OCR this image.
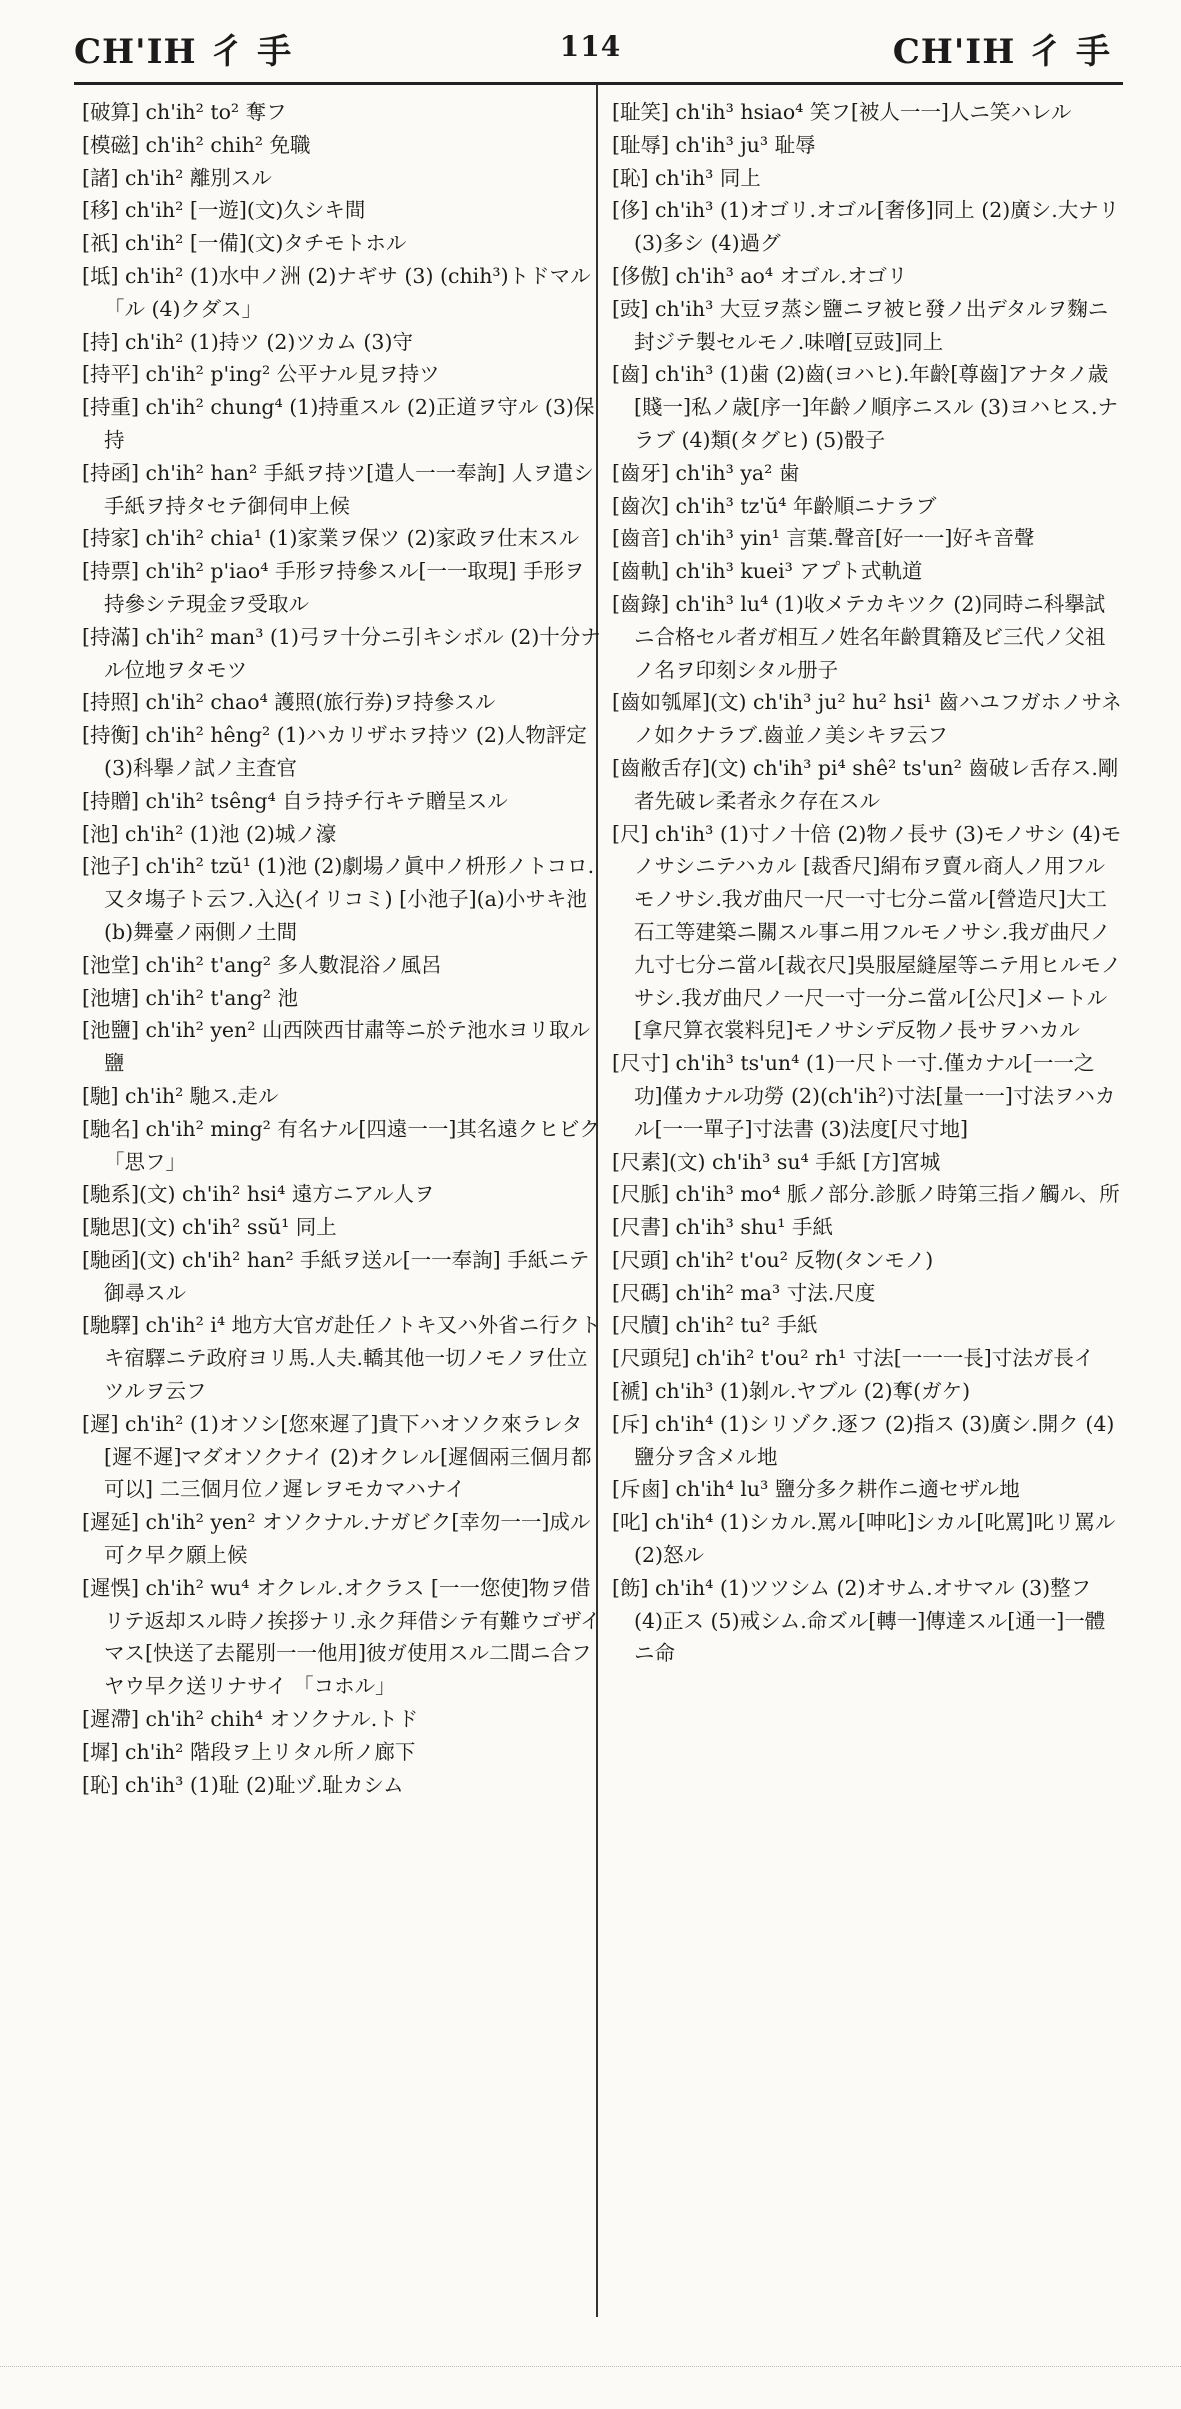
CH'IH 彳 手	114	CH'IH 彳 手

[破算] ch'ih² to² 奪フ

[模磁] ch'ih² chih² 免職

[諸] ch'ih² 離別スル

[移] ch'ih² [一遊](文)久シキ間

[祇] ch'ih² [一備](文)タチモトホル

[坻] ch'ih² (1)水中ノ洲 (2)ナギサ (3) (chih³)トドマル 「ル (4)クダス」

[持] ch'ih² (1)持ツ (2)ツカム (3)守

[持平] ch'ih² p'ing² 公平ナル見ヲ持ツ

[持重] ch'ih² chung⁴ (1)持重スル (2)正道ヲ守ル (3)保持

[持函] ch'ih² han² 手紙ヲ持ツ[遣人一一奉詢] 人ヲ遣シ手紙ヲ持タセテ御伺申上候

[持家] ch'ih² chia¹ (1)家業ヲ保ツ (2)家政ヲ仕末スル

[持票] ch'ih² p'iao⁴ 手形ヲ持參スル[一一取現] 手形ヲ持參シテ現金ヲ受取ル

[持滿] ch'ih² man³ (1)弓ヲ十分ニ引キシボル (2)十分ナル位地ヲタモツ

[持照] ch'ih² chao⁴ 護照(旅行券)ヲ持參スル

[持衡] ch'ih² hêng² (1)ハカリザホヲ持ツ (2)人物評定 (3)科擧ノ試ノ主査官

[持贈] ch'ih² tsêng⁴ 自ラ持チ行キテ贈呈スル

[池] ch'ih² (1)池 (2)城ノ濠

[池子] ch'ih² tzŭ¹ (1)池 (2)劇場ノ眞中ノ枡形ノトコロ.又タ塲子ト云フ.入込(イリコミ) [小池子](a)小サキ池 (b)舞臺ノ兩側ノ土間

[池堂] ch'ih² t'ang² 多人數混浴ノ風呂

[池塘] ch'ih² t'ang² 池

[池鹽] ch'ih² yen² 山西陝西甘肅等ニ於テ池水ヨリ取ル鹽

[馳] ch'ih² 馳ス.走ル

[馳名] ch'ih² ming² 有名ナル[四遠一一]其名遠クヒビク 「思フ」

[馳系](文) ch'ih² hsi⁴ 遠方ニアル人ヲ

[馳思](文) ch'ih² ssŭ¹ 同上

[馳函](文) ch'ih² han² 手紙ヲ送ル[一一奉詢] 手紙ニテ御尋スル

[馳驛] ch'ih² i⁴ 地方大官ガ赴任ノトキ又ハ外省ニ行クトキ宿驛ニテ政府ヨリ馬.人夫.轎其他一切ノモノヲ仕立ツルヲ云フ

[遲] ch'ih² (1)オソシ[您來遲了]貴下ハオソク來ラレタ[遲不遲]マダオソクナイ (2)オクレル[遲個兩三個月都可以] 二三個月位ノ遲レヲモカマハナイ

[遲延] ch'ih² yen² オソクナル.ナガビク[幸勿一一]成ル可ク早ク願上候

[遲悞] ch'ih² wu⁴ オクレル.オクラス [一一您使]物ヲ借リテ返却スル時ノ挨拶ナリ.永ク拜借シテ有難ウゴザイマス[快送了去罷別一一他用]彼ガ使用スル二間ニ合フヤウ早ク送リナサイ 「コホル」

[遲滯] ch'ih² chih⁴ オソクナル.トド

[墀] ch'ih² 階段ヲ上リタル所ノ廊下

[恥] ch'ih³ (1)耻 (2)耻ヅ.耻カシム

[耻笑] ch'ih³ hsiao⁴ 笑フ[被人一一]人ニ笑ハレル

[耻辱] ch'ih³ ju³ 耻辱

[恥] ch'ih³ 同上

[侈] ch'ih³ (1)オゴリ.オゴル[奢侈]同上 (2)廣シ.大ナリ (3)多シ (4)過グ

[侈傲] ch'ih³ ao⁴ オゴル.オゴリ

[豉] ch'ih³ 大豆ヲ蒸シ鹽ニヲ被ヒ發ノ出デタルヲ麴ニ封ジテ製セルモノ.味噌[豆豉]同上

[齒] ch'ih³ (1)歯 (2)齒(ヨハヒ).年齡[尊齒]アナタノ歳[賤一]私ノ歳[序一]年齡ノ順序ニスル (3)ヨハヒス.ナラブ (4)類(タグヒ) (5)骰子

[齒牙] ch'ih³ ya² 歯

[齒次] ch'ih³ tz'ŭ⁴ 年齡順ニナラブ

[齒音] ch'ih³ yin¹ 言葉.聲音[好一一]好キ音聲

[齒軌] ch'ih³ kuei³ アプト式軌道

[齒錄] ch'ih³ lu⁴ (1)收メテカキツク (2)同時ニ科擧試ニ合格セル者ガ相互ノ姓名年齡貫籍及ビ三代ノ父祖ノ名ヲ印刻シタル册子

[齒如瓠犀](文) ch'ih³ ju² hu² hsi¹ 齒ハユフガホノサネノ如クナラブ.齒並ノ美シキヲ云フ

[齒敝舌存](文) ch'ih³ pi⁴ shê² ts'un² 齒破レ舌存ス.剛者先破レ柔者永ク存在スル

[尺] ch'ih³ (1)寸ノ十倍 (2)物ノ長サ (3)モノサシ (4)モノサシニテハカル [裁香尺]絹布ヲ賣ル商人ノ用フルモノサシ.我ガ曲尺一尺一寸七分ニ當ル[營造尺]大工石工等建築ニ關スル事ニ用フルモノサシ.我ガ曲尺ノ九寸七分ニ當ル[裁衣尺]吳服屋縫屋等ニテ用ヒルモノサシ.我ガ曲尺ノ一尺一寸一分ニ當ル[公尺]メートル[拿尺算衣裳料兒]モノサシデ反物ノ長サヲハカル

[尺寸] ch'ih³ ts'un⁴ (1)一尺ト一寸.僅カナル[一一之功]僅カナル功勞 (2)(ch'ih²)寸法[量一一]寸法ヲハカル[一一單子]寸法書 (3)法度[尺寸地]

[尺素](文) ch'ih³ su⁴ 手紙 [方]宮城

[尺脈] ch'ih³ mo⁴ 脈ノ部分.診脈ノ時第三指ノ觸ル、所

[尺書] ch'ih³ shu¹ 手紙

[尺頭] ch'ih² t'ou² 反物(タンモノ)

[尺碼] ch'ih² ma³ 寸法.尺度

[尺牘] ch'ih² tu² 手紙

[尺頭兒] ch'ih² t'ou² rh¹ 寸法[一一一長]寸法ガ長イ

[褫] ch'ih³ (1)剝ル.ヤブル (2)奪(ガケ)

[斥] ch'ih⁴ (1)シリゾク.逐フ (2)指ス (3)廣シ.開ク (4)鹽分ヲ含メル地

[斥鹵] ch'ih⁴ lu³ 鹽分多ク耕作ニ適セザル地

[叱] ch'ih⁴ (1)シカル.罵ル[呻叱]シカル[叱罵]叱リ罵ル (2)怒ル

[飭] ch'ih⁴ (1)ツツシム (2)オサム.オサマル (3)整フ (4)正ス (5)戒シム.命ズル[轉一]傳達スル[通一]一體ニ命
